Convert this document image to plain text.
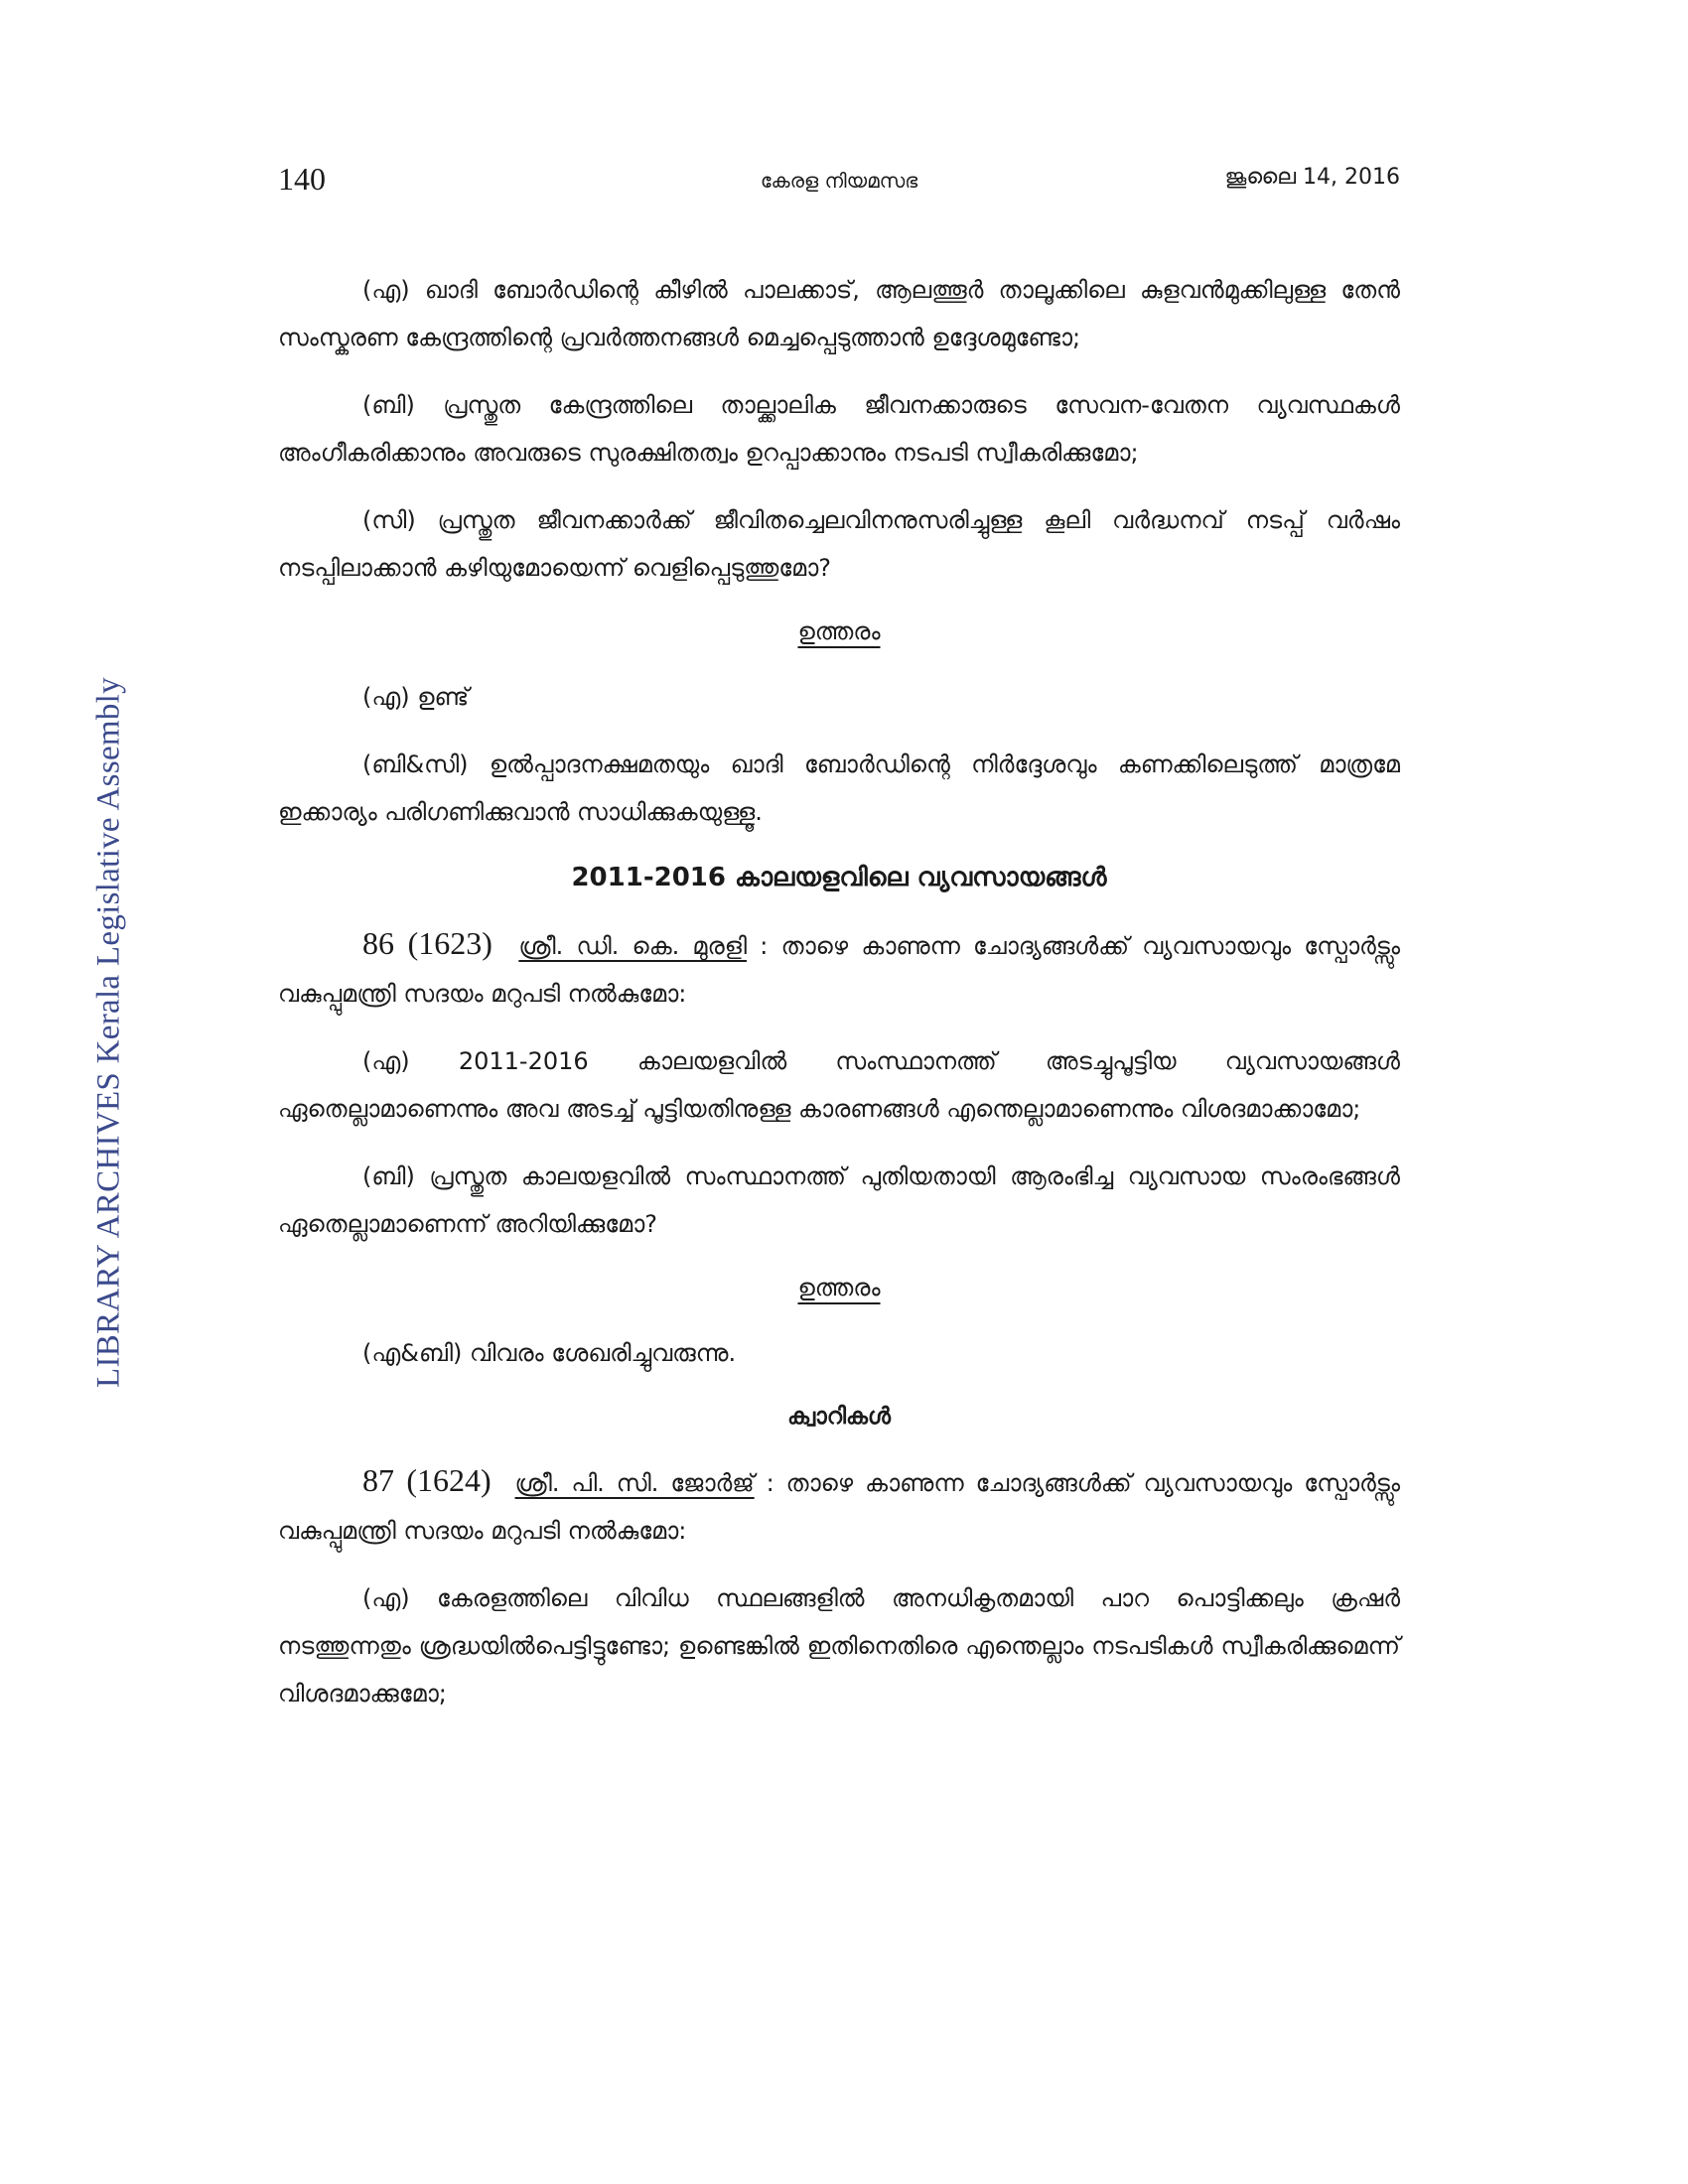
LIBRARY ARCHIVES Kerala Legislative Assembly
140	കേരള നിയമസഭ	ജൂലൈ 14, 2016

(എ) ഖാദി ബോർഡിന്റെ കീഴിൽ പാലക്കാട്, ആലത്തൂർ താലൂക്കിലെ കുളവൻമുക്കിലുള്ള തേൻ സംസ്കരണ കേന്ദ്രത്തിന്റെ പ്രവർത്തനങ്ങൾ മെച്ചപ്പെടുത്താൻ ഉദ്ദേശമുണ്ടോ;

(ബി) പ്രസ്തുത കേന്ദ്രത്തിലെ താല്ക്കാലിക ജീവനക്കാരുടെ സേവന-വേതന വ്യവസ്ഥകൾ അംഗീകരിക്കാനും അവരുടെ സുരക്ഷിതത്വം ഉറപ്പാക്കാനും നടപടി സ്വീകരിക്കുമോ;

(സി) പ്രസ്തുത ജീവനക്കാർക്ക് ജീവിതച്ചെലവിനനുസരിച്ചുള്ള കൂലി വർദ്ധനവ് നടപ്പ് വർഷം നടപ്പിലാക്കാൻ കഴിയുമോയെന്ന് വെളിപ്പെടുത്തുമോ?

ഉത്തരം

(എ) ഉണ്ട്

(ബി&സി) ഉൽപ്പാദനക്ഷമതയും ഖാദി ബോർഡിന്റെ നിർദ്ദേശവും കണക്കിലെടുത്ത് മാത്രമേ ഇക്കാര്യം പരിഗണിക്കുവാൻ സാധിക്കുകയുള്ളൂ.

2011-2016 കാലയളവിലെ വ്യവസായങ്ങൾ

86 (1623) ശ്രീ. ഡി. കെ. മുരളി : താഴെ കാണുന്ന ചോദ്യങ്ങൾക്ക് വ്യവസായവും സ്പോർട്സും വകുപ്പുമന്ത്രി സദയം മറുപടി നൽകുമോ:

(എ) 2011-2016 കാലയളവിൽ സംസ്ഥാനത്ത് അടച്ചുപൂട്ടിയ വ്യവസായങ്ങൾ ഏതെല്ലാമാണെന്നും അവ അടച്ച് പൂട്ടിയതിനുള്ള കാരണങ്ങൾ എന്തെല്ലാമാണെന്നും വിശദമാക്കാമോ;

(ബി) പ്രസ്തുത കാലയളവിൽ സംസ്ഥാനത്ത് പുതിയതായി ആരംഭിച്ച വ്യവസായ സംരംഭങ്ങൾ ഏതെല്ലാമാണെന്ന് അറിയിക്കുമോ?

ഉത്തരം

(എ&ബി) വിവരം ശേഖരിച്ചുവരുന്നു.

ക്വാറികൾ

87 (1624) ശ്രീ. പി. സി. ജോർജ് : താഴെ കാണുന്ന ചോദ്യങ്ങൾക്ക് വ്യവസായവും സ്പോർട്സും വകുപ്പുമന്ത്രി സദയം മറുപടി നൽകുമോ:

(എ) കേരളത്തിലെ വിവിധ സ്ഥലങ്ങളിൽ അനധികൃതമായി പാറ പൊട്ടിക്കലും ക്രഷർ നടത്തുന്നതും ശ്രദ്ധയിൽപെട്ടിട്ടുണ്ടോ; ഉണ്ടെങ്കിൽ ഇതിനെതിരെ എന്തെല്ലാം നടപടികൾ സ്വീകരിക്കുമെന്ന് വിശദമാക്കുമോ;
